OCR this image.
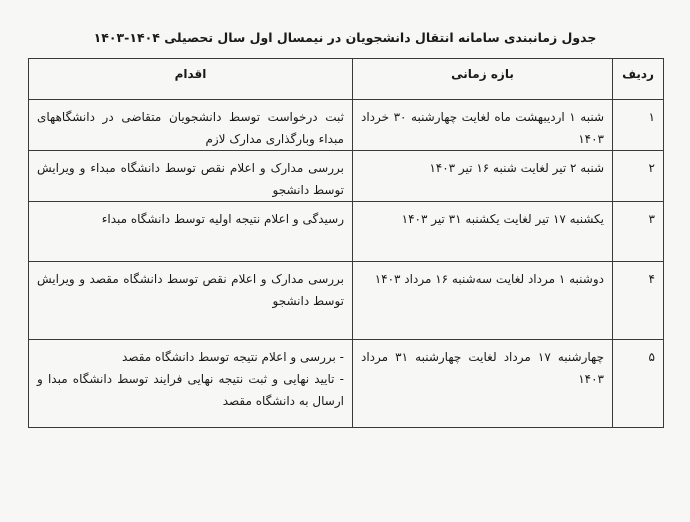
جدول زمانبندی سامانه انتقال دانشجویان در نیمسال اول سال تحصیلی ۱۴۰۴-۱۴۰۳
ردیف	بازه زمانی	اقدام
۱	شنبه ۱ اردیبهشت ماه لغایت چهارشنبه ۳۰ خرداد ۱۴۰۳	ثبت درخواست توسط دانشجویان متقاضی در دانشگاههای مبداء وبارگذاری مدارک لازم

۲	شنبه ۲ تیر لغایت شنبه ۱۶ تیر ۱۴۰۳	بررسی مدارک و اعلام نقص توسط دانشگاه مبداء و ویرایش توسط دانشجو

۳	یکشنبه ۱۷ تیر لغایت یکشنبه ۳۱ تیر ۱۴۰۳	رسیدگی و اعلام نتیجه اولیه توسط دانشگاه مبداء

۴	دوشنبه ۱ مرداد لغایت سه‌شنبه ۱۶ مرداد ۱۴۰۳	بررسی مدارک و اعلام نقص توسط دانشگاه مقصد و ویرایش توسط دانشجو

۵	چهارشنبه ۱۷ مرداد لغایت چهارشنبه ۳۱ مرداد ۱۴۰۳	- بررسی و اعلام نتیجه توسط دانشگاه مقصد
- تایید نهایی و ثبت نتیجه نهایی فرایند توسط دانشگاه مبدا و ارسال به دانشگاه مقصد
